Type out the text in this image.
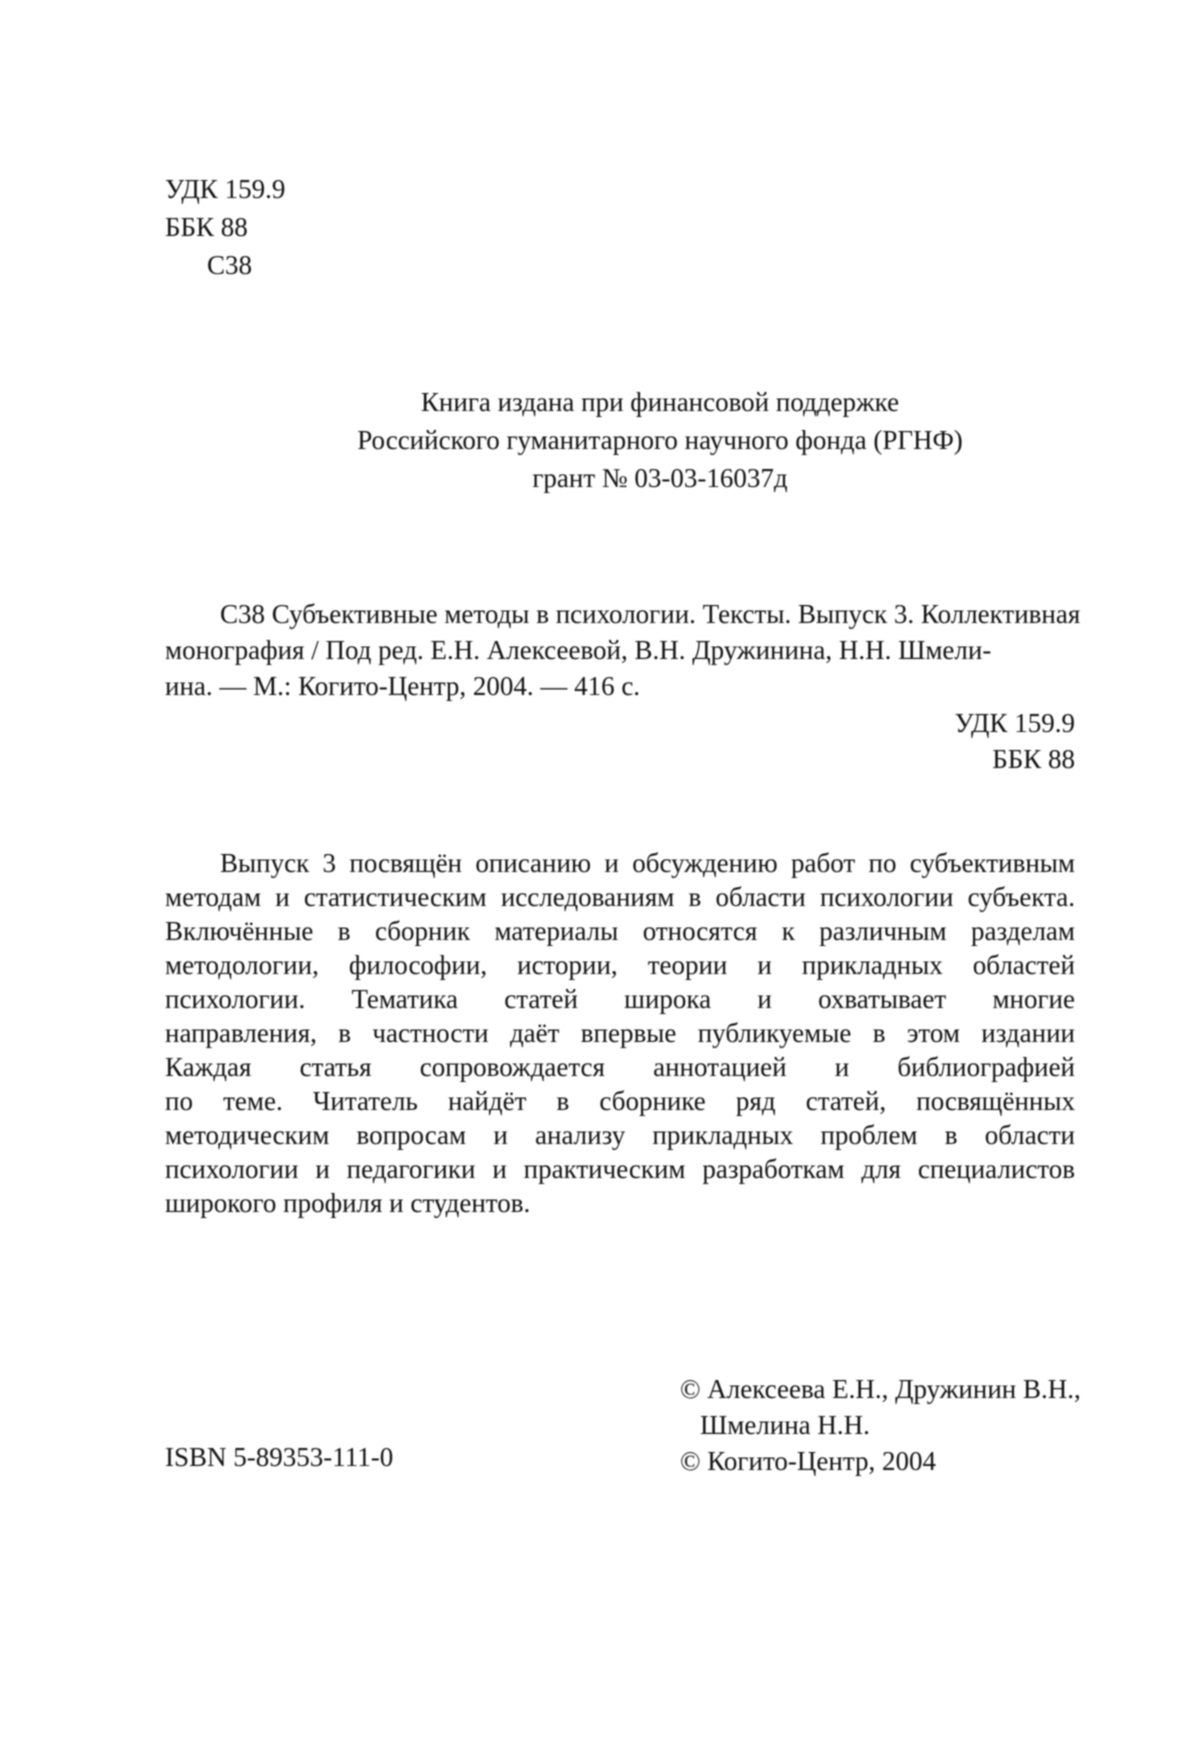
УДК 159.9
ББК 88
С38
Книга издана при финансовой поддержке
Российского гуманитарного научного фонда (РГНФ)
грант № 03-03-16037д
С38 Субъективные методы в психологии. Тексты. Выпуск 3. Коллективная
монография / Под ред. Е.Н. Алексеевой, В.Н. Дружинина, Н.Н. Шмели-
ина. — М.: Когито-Центр, 2004. — 416 с.
УДК 159.9
ББК 88
Выпуск 3 посвящён описанию и обсуждению работ по субъективным
методам и статистическим исследованиям в области психологии субъекта.
Включённые в сборник материалы относятся к различным разделам
методологии, философии, истории, теории и прикладных областей
психологии. Тематика статей широка и охватывает многие
направления, в частности даёт впервые публикуемые в этом издании
Каждая статья сопровождается аннотацией и библиографией
по теме. Читатель найдёт в сборнике ряд статей, посвящённых
методическим вопросам и анализу прикладных проблем в области
психологии и педагогики и практическим разработкам для специалистов
широкого профиля и студентов.
© Алексеева Е.Н., Дружинин В.Н.,
Шмелина Н.Н.
© Когито-Центр, 2004
ISBN 5-89353-111-0
